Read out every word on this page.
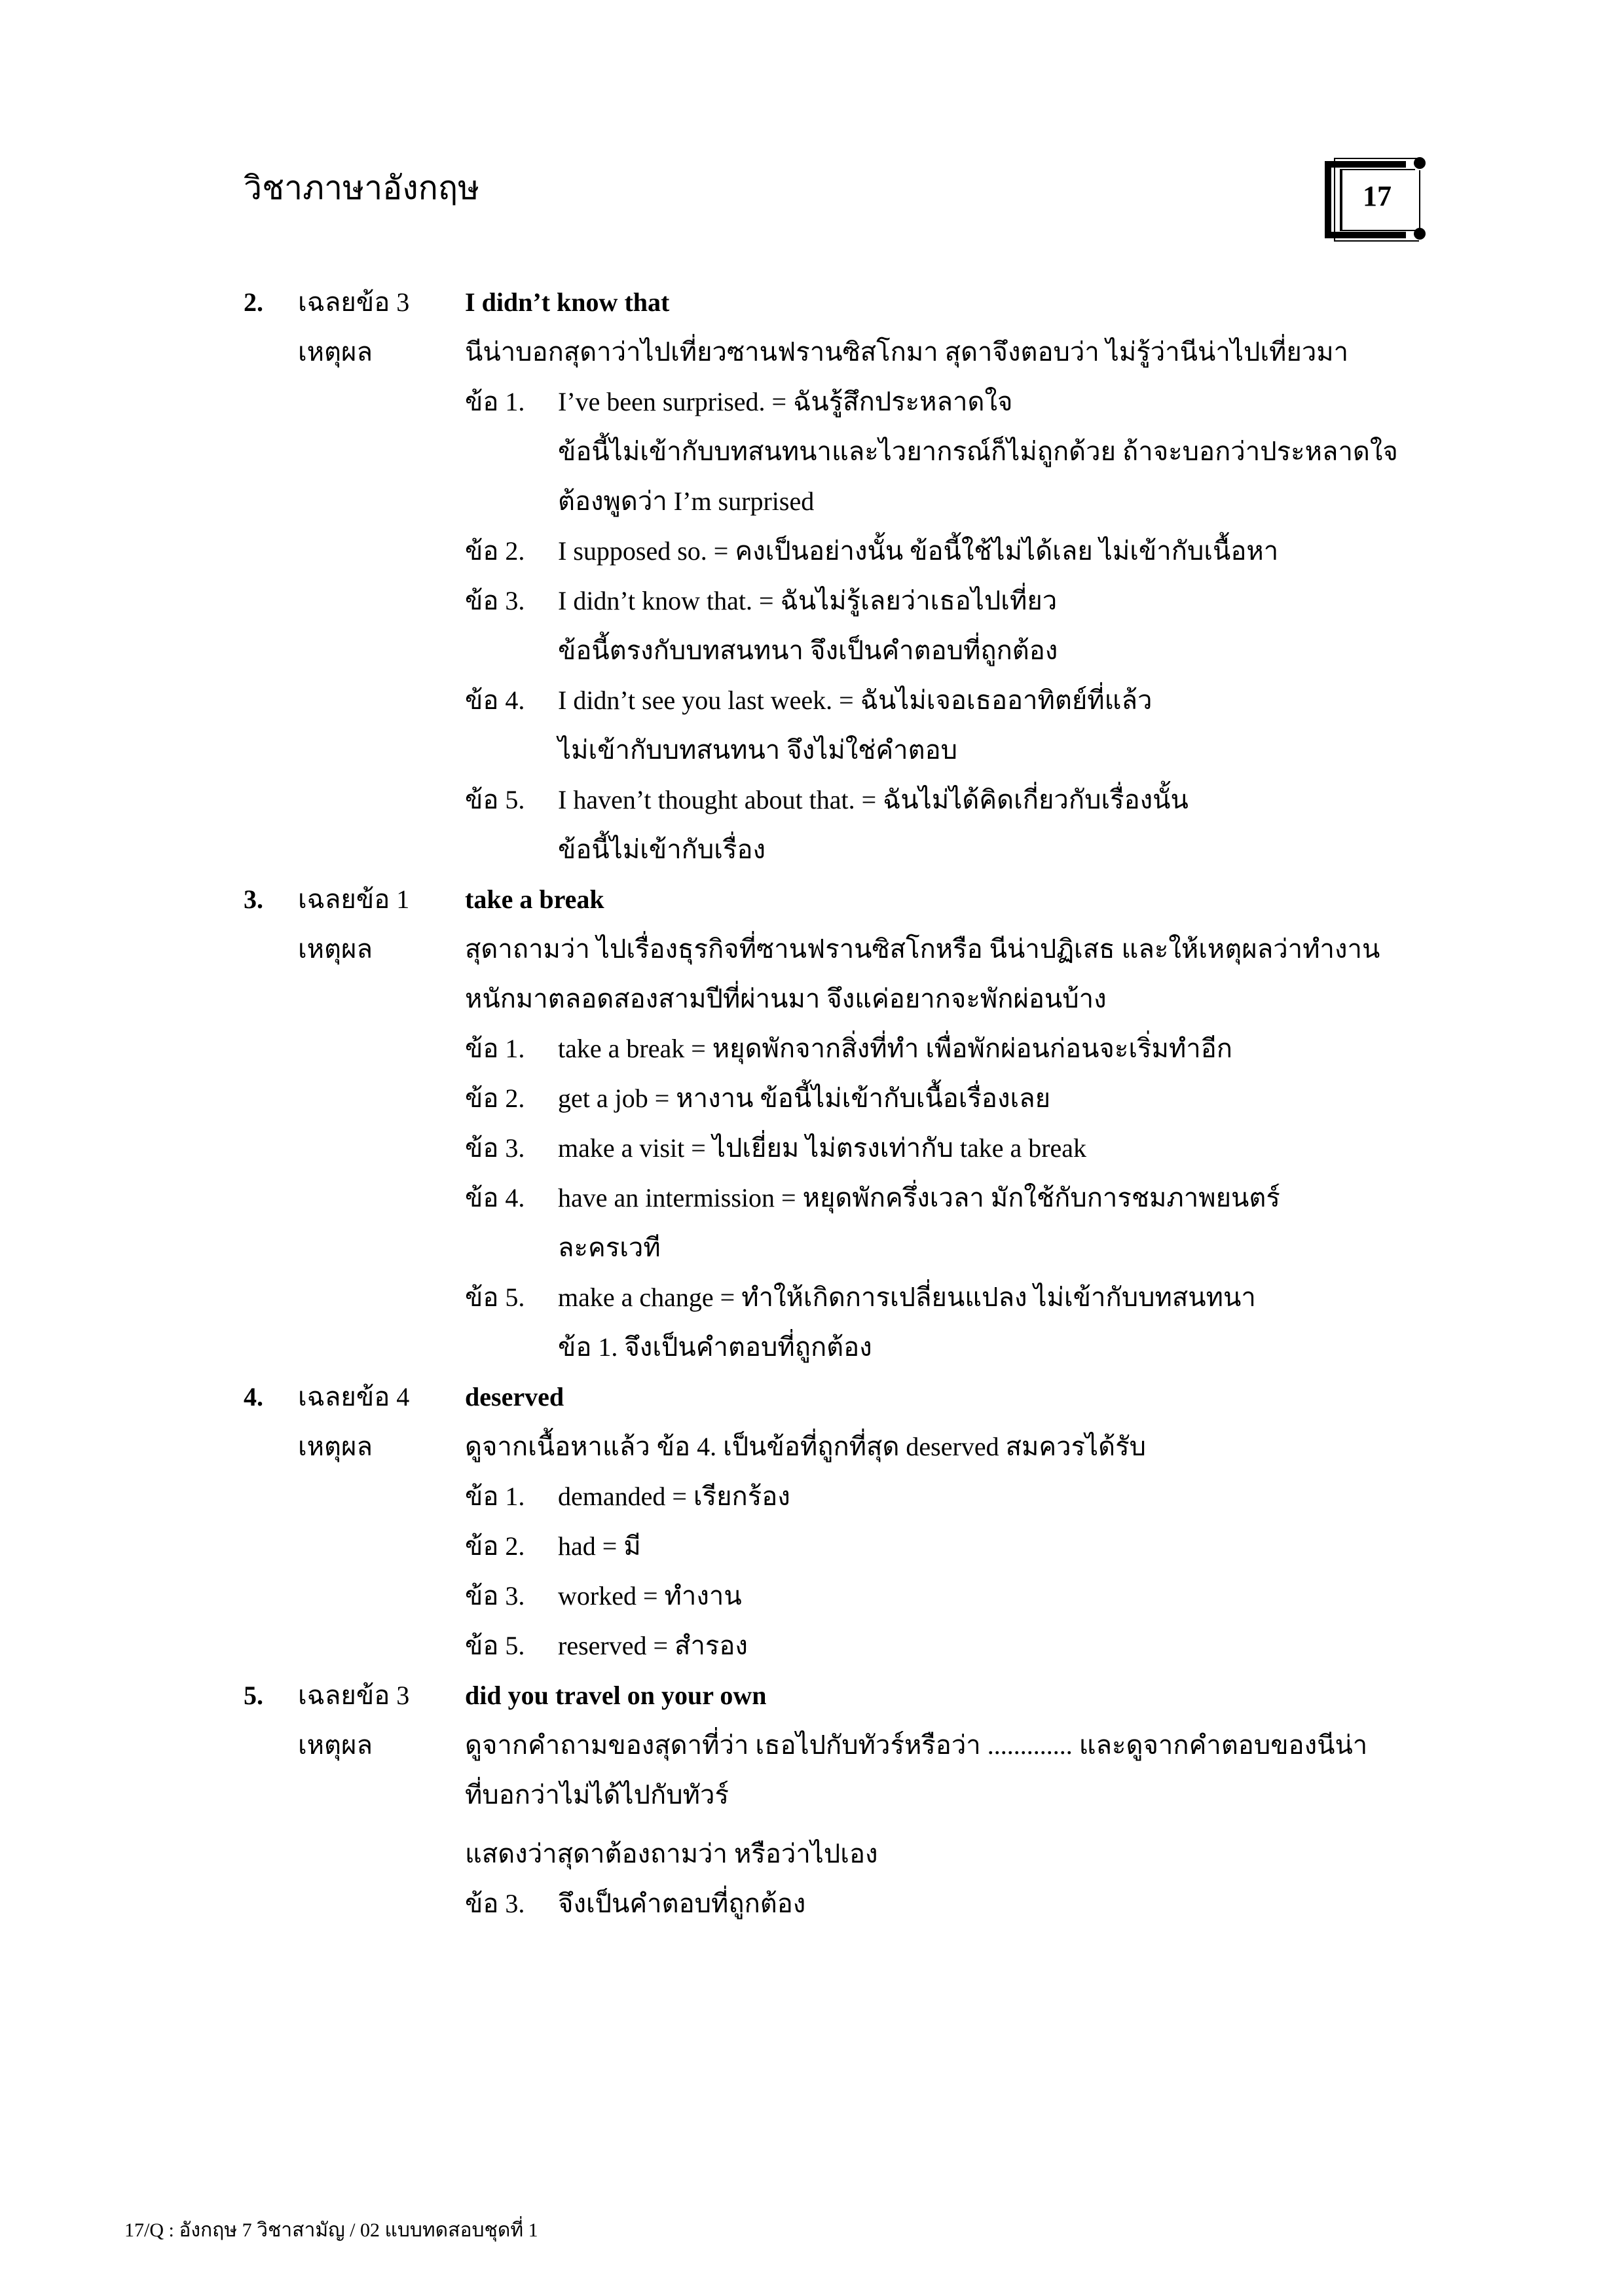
วิชาภาษาอังกฤษ	17
2. เฉลยข้อ 3 I didn’t know that
เหตุผล	นีน่าบอกสุดาว่าไปเที่ยวซานฟรานซิสโกมา สุดาจึงตอบว่า ไม่รู้ว่านีน่าไปเที่ยวมา
ข้อ 1. I’ve been surprised. = ฉันรู้สึกประหลาดใจ
ข้อนี้ไม่เข้ากับบทสนทนาและไวยากรณ์ก็ไม่ถูกด้วย ถ้าจะบอกว่าประหลาดใจ
ต้องพูดว่า I’m surprised
ข้อ 2. I supposed so. = คงเป็นอย่างนั้น ข้อนี้ใช้ไม่ได้เลย ไม่เข้ากับเนื้อหา
ข้อ 3. I didn’t know that. = ฉันไม่รู้เลยว่าเธอไปเที่ยว
ข้อนี้ตรงกับบทสนทนา จึงเป็นคำตอบที่ถูกต้อง
ข้อ 4. I didn’t see you last week. = ฉันไม่เจอเธออาทิตย์ที่แล้ว
ไม่เข้ากับบทสนทนา จึงไม่ใช่คำตอบ
ข้อ 5. I haven’t thought about that. = ฉันไม่ได้คิดเกี่ยวกับเรื่องนั้น
ข้อนี้ไม่เข้ากับเรื่อง
3. เฉลยข้อ 1 take a break
เหตุผล	สุดาถามว่า ไปเรื่องธุรกิจที่ซานฟรานซิสโกหรือ นีน่าปฏิเสธ และให้เหตุผลว่าทำงาน
หนักมาตลอดสองสามปีที่ผ่านมา จึงแค่อยากจะพักผ่อนบ้าง
ข้อ 1. take a break = หยุดพักจากสิ่งที่ทำ เพื่อพักผ่อนก่อนจะเริ่มทำอีก
ข้อ 2. get a job = หางาน ข้อนี้ไม่เข้ากับเนื้อเรื่องเลย
ข้อ 3. make a visit = ไปเยี่ยม ไม่ตรงเท่ากับ take a break
ข้อ 4. have an intermission = หยุดพักครึ่งเวลา มักใช้กับการชมภาพยนตร์
ละครเวที
ข้อ 5. make a change = ทำให้เกิดการเปลี่ยนแปลง ไม่เข้ากับบทสนทนา
ข้อ 1. จึงเป็นคำตอบที่ถูกต้อง
4. เฉลยข้อ 4 deserved
เหตุผล	ดูจากเนื้อหาแล้ว ข้อ 4. เป็นข้อที่ถูกที่สุด deserved สมควรได้รับ
ข้อ 1. demanded = เรียกร้อง
ข้อ 2. had = มี
ข้อ 3. worked = ทำงาน
ข้อ 5. reserved = สำรอง
5. เฉลยข้อ 3 did you travel on your own
เหตุผล	ดูจากคำถามของสุดาที่ว่า เธอไปกับทัวร์หรือว่า ............. และดูจากคำตอบของนีน่า
ที่บอกว่าไม่ได้ไปกับทัวร์
แสดงว่าสุดาต้องถามว่า หรือว่าไปเอง
ข้อ 3. จึงเป็นคำตอบที่ถูกต้อง
17/Q : อังกฤษ 7 วิชาสามัญ / 02 แบบทดสอบชุดที่ 1
